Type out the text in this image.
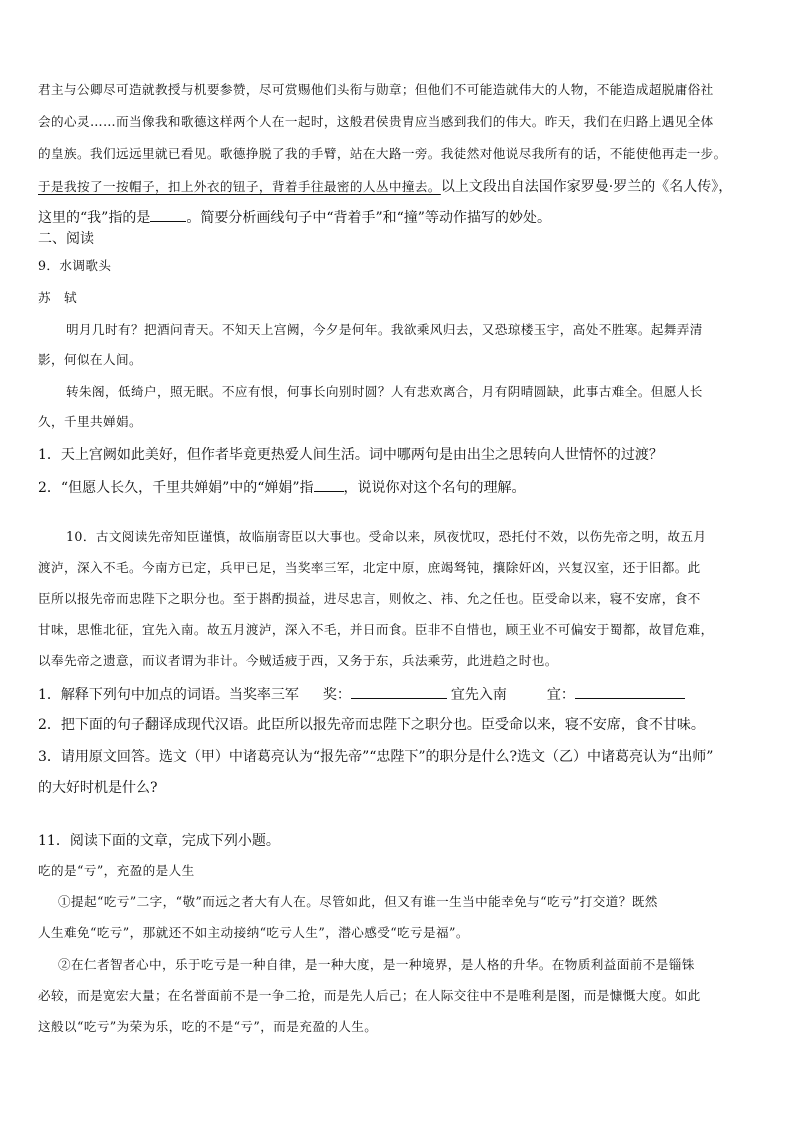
君主与公卿尽可造就教授与机要参赞，尽可赏赐他们头衔与勋章；但他们不可能造就伟大的人物，不能造成超脱庸俗社
会的心灵……而当像我和歌德这样两个人在一起时，这般君侯贵胄应当感到我们的伟大。昨天，我们在归路上遇见全体
的皇族。我们远远里就已看见。歌德挣脱了我的手臂，站在大路一旁。我徒然对他说尽我所有的话，不能使他再走一步。
于是我按了一按帽子，扣上外衣的钮子，背着手往最密的人丛中撞去。以上文段出自法国作家罗曼·罗兰的《名人传》，
这里的“我”指的是	。简要分析画线句子中“背着手”和“撞”等动作描写的妙处。
二、阅读
9．水调歌头
苏　轼
明月几时有？把酒问青天。不知天上宫阙，今夕是何年。我欲乘风归去，又恐琼楼玉宇，高处不胜寒。起舞弄清
影，何似在人间。
转朱阁，低绮户，照无眠。不应有恨，何事长向别时圆？人有悲欢离合，月有阴晴圆缺，此事古难全。但愿人长
久，千里共婵娟。
1．天上宫阙如此美好，但作者毕竟更热爱人间生活。词中哪两句是由出尘之思转向人世情怀的过渡？
2．“但愿人长久，千里共婵娟”中的“婵娟”指 ，说说你对这个名句的理解。
10．古文阅读先帝知臣谨慎，故临崩寄臣以大事也。受命以来，夙夜忧叹，恐托付不效，以伤先帝之明，故五月
渡泸，深入不毛。今南方已定，兵甲已足，当奖率三军，北定中原，庶竭驽钝，攘除奸凶，兴复汉室，还于旧都。此
臣所以报先帝而忠陛下之职分也。至于斟酌损益，进尽忠言，则攸之、祎、允之任也。臣受命以来，寝不安席，食不
甘味，思惟北征，宜先入南。故五月渡泸，深入不毛，并日而食。臣非不自惜也，顾王业不可偏安于蜀都，故冒危难，
以奉先帝之遗意，而议者谓为非计。今贼适疲于西，又务于东，兵法乘劳，此进趋之时也。
1．解释下列句中加点的词语。当奖率三军 奖：	宜先入南	宜：
2．把下面的句子翻译成现代汉语。此臣所以报先帝而忠陛下之职分也。臣受命以来，寝不安席，食不甘味。
3．请用原文回答。选文（甲）中诸葛亮认为“报先帝”“忠陛下”的职分是什么?选文（乙）中诸葛亮认为“出师”
的大好时机是什么?
11．阅读下面的文章，完成下列小题。
吃的是“亏”，充盈的是人生
①提起“吃亏”二字，“敬”而远之者大有人在。尽管如此，但又有谁一生当中能幸免与“吃亏”打交道？既然
人生难免“吃亏”，那就还不如主动接纳“吃亏人生”，潜心感受“吃亏是福”。
②在仁者智者心中，乐于吃亏是一种自律，是一种大度，是一种境界，是人格的升华。在物质利益面前不是锱铢
必较，而是宽宏大量；在名誉面前不是一争二抢，而是先人后己；在人际交往中不是唯利是图，而是慷慨大度。如此
这般以“吃亏”为荣为乐，吃的不是“亏”，而是充盈的人生。
